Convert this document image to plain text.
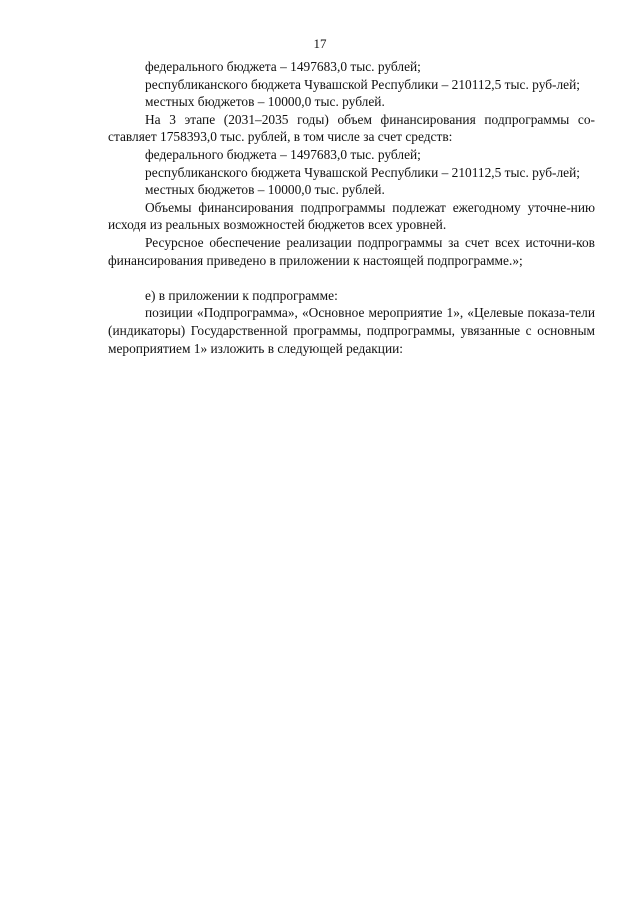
17

федерального бюджета – 1497683,0 тыс. рублей;

республиканского бюджета Чувашской Республики – 210112,5 тыс. руб-лей;

местных бюджетов – 10000,0 тыс. рублей.

На 3 этапе (2031–2035 годы) объем финансирования подпрограммы со-ставляет 1758393,0 тыс. рублей, в том числе за счет средств:

федерального бюджета – 1497683,0 тыс. рублей;

республиканского бюджета Чувашской Республики – 210112,5 тыс. руб-лей;

местных бюджетов – 10000,0 тыс. рублей.

Объемы финансирования подпрограммы подлежат ежегодному уточне-нию исходя из реальных возможностей бюджетов всех уровней.

Ресурсное обеспечение реализации подпрограммы за счет всех источни-ков финансирования приведено в приложении к настоящей подпрограмме.»;

е) в приложении к подпрограмме:

позиции «Подпрограмма», «Основное мероприятие 1», «Целевые показа-тели (индикаторы) Государственной программы, подпрограммы, увязанные с основным мероприятием 1» изложить в следующей редакции:
